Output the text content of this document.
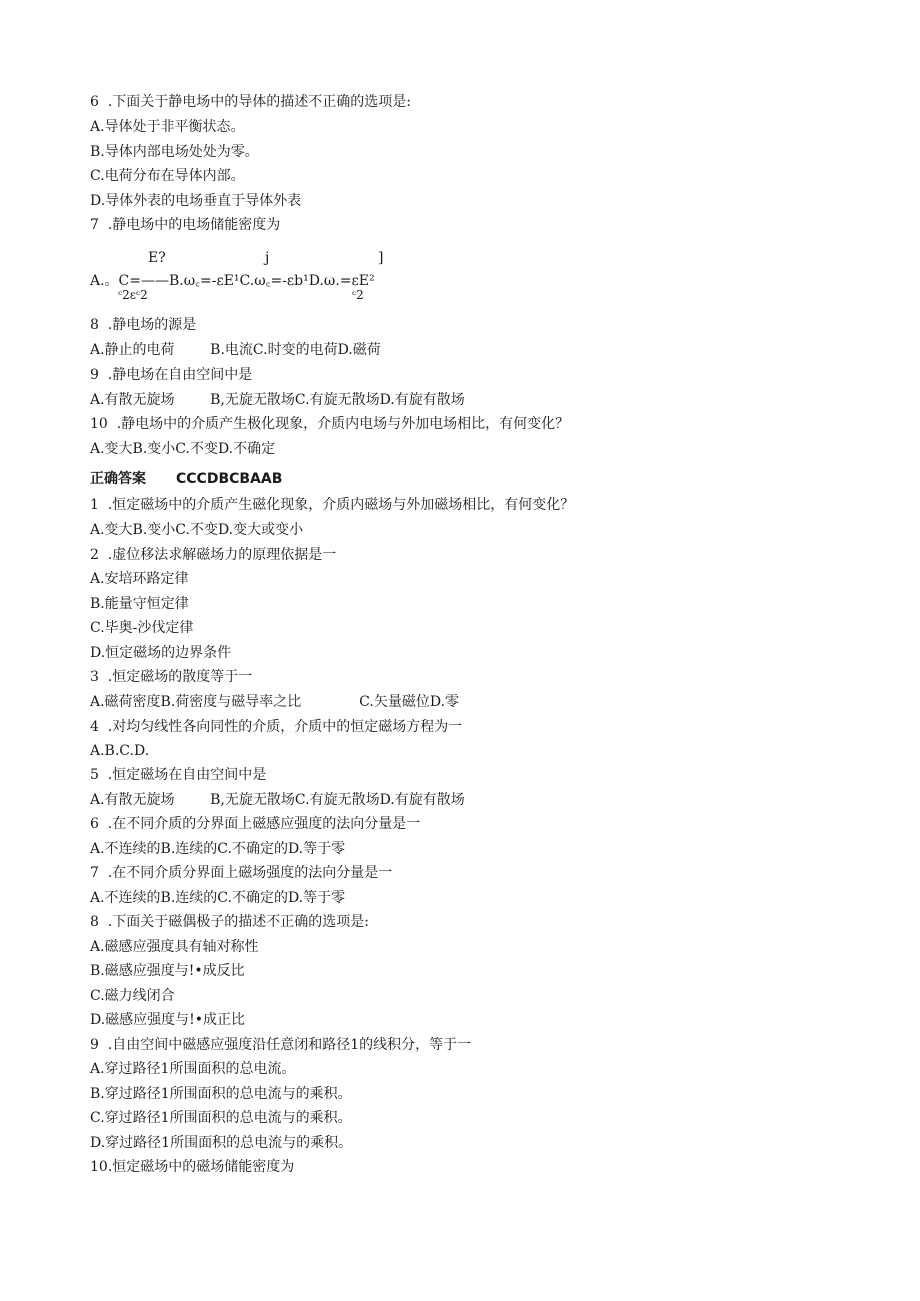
6  .下面关于静电场中的导体的描述不正确的选项是:
A.导体处于非平衡状态。
B.导体内部电场处处为零。
C.电荷分布在导体内部。
D.导体外表的电场垂直于导体外表
7  .静电场中的电场储能密度为
E?	j	]
A.。C=——B.ω꜀=-εE¹C.ω꜀=-εb¹D.ω.=εE²
ᶜ2εᶜ2	ᶜ2
8  .静电场的源是
A.静止的电荷        B.电流C.时变的电荷D.磁荷
9  .静电场在自由空间中是
A.有散无旋场        B,无旋无散场C.有旋无散场D.有旋有散场
10  .静电场中的介质产生极化现象，介质内电场与外加电场相比，有何变化？
A.变大B.变小C.不变D.不确定
正确答案 CCCDBCBAAB
1  .恒定磁场中的介质产生磁化现象，介质内磁场与外加磁场相比，有何变化？
A.变大B.变小C.不变D.变大或变小
2  .虚位移法求解磁场力的原理依据是一
A.安培环路定律
B.能量守恒定律
C.毕奥-沙伐定律
D.恒定磁场的边界条件
3  .恒定磁场的散度等于一
A.磁荷密度B.荷密度与磁导率之比             C.矢量磁位D.零
4  .对均匀线性各向同性的介质，介质中的恒定磁场方程为一
A.B.C.D.
5  .恒定磁场在自由空间中是
A.有散无旋场        B,无旋无散场C.有旋无散场D.有旋有散场
6  .在不同介质的分界面上磁感应强度的法向分量是一
A.不连续的B.连续的C.不确定的D.等于零
7  .在不同介质分界面上磁场强度的法向分量是一
A.不连续的B.连续的C.不确定的D.等于零
8  .下面关于磁偶极子的描述不正确的选项是:
A.磁感应强度具有轴对称性
B.磁感应强度与!•成反比
C.磁力线闭合
D.磁感应强度与!•成正比
9  .自由空间中磁感应强度沿任意闭和路径1的线积分，等于一
A.穿过路径1所围面积的总电流。
B.穿过路径1所围面积的总电流与的乘积。
C.穿过路径1所围面积的总电流与的乘积。
D.穿过路径1所围面积的总电流与的乘积。
10.恒定磁场中的磁场储能密度为
